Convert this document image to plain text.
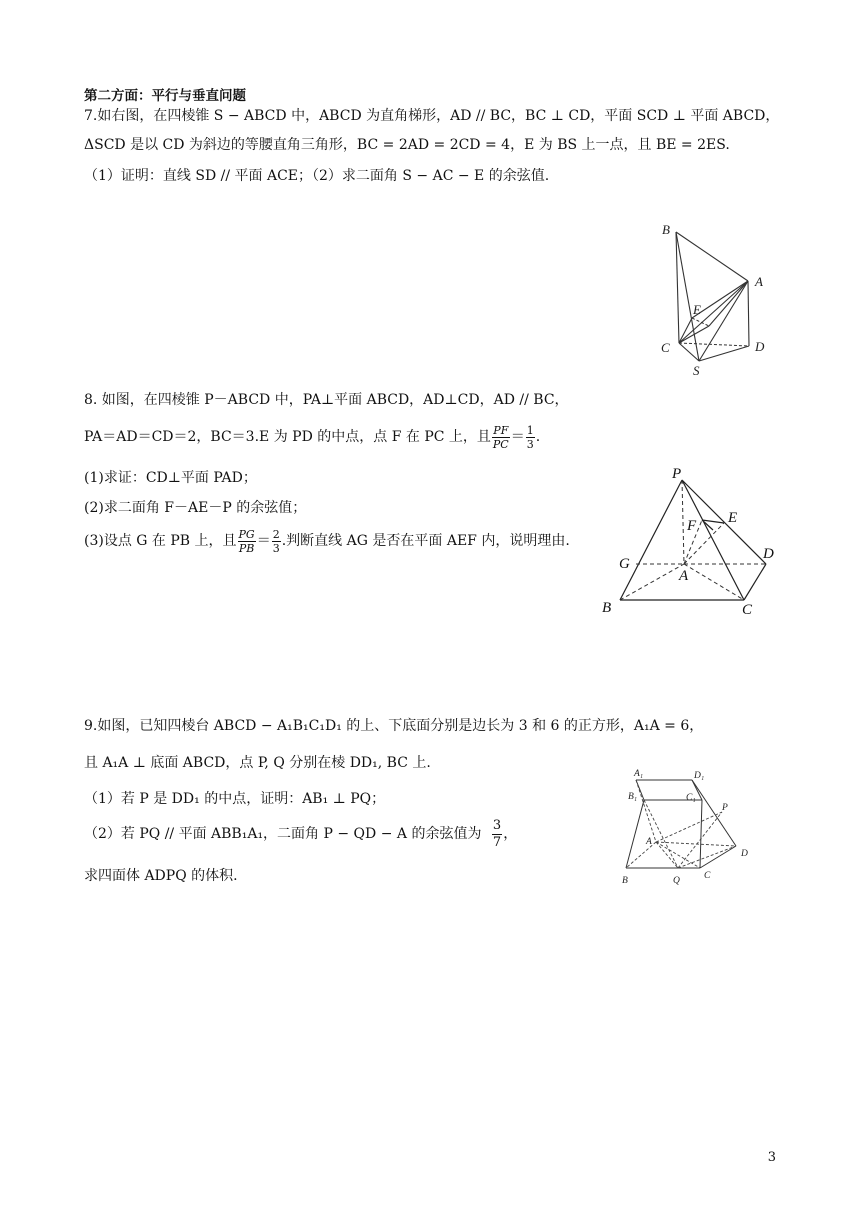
第二方面：平行与垂直问题
7.如右图，在四棱锥 S − ABCD 中，ABCD 为直角梯形，AD // BC，BC ⊥ CD，平面 SCD ⊥ 平面 ABCD，
ΔSCD 是以 CD 为斜边的等腰直角三角形，BC = 2AD = 2CD = 4，E 为 BS 上一点，且 BE = 2ES.
（1）证明：直线 SD // 平面 ACE；（2）求二面角 S − AC − E 的余弦值.
B
A
E
C	D
S
8. 如图，在四棱锥 P－ABCD 中，PA⊥平面 ABCD，AD⊥CD，AD // BC，
PA＝AD＝CD＝2，BC＝3.E 为 PD 的中点，点 F 在 PC 上，且 $\frac{PF}{PC} = \frac{1}{3}$ .
(1)求证：CD⊥平面 PAD；
(2)求二面角 F－AE－P 的余弦值；
(3)设点 G 在 PB 上，且 $\frac{PG}{PB} = \frac{2}{3}$ .判断直线 AG 是否在平面 AEF 内，说明理由.
P
E
F
D
G
A
B	C
9.如图，已知四棱台 ABCD − A₁B₁C₁D₁ 的上、下底面分别是边长为 3 和 6 的正方形，A₁A = 6，
且 A₁A ⊥ 底面 ABCD，点 P, Q 分别在棱 DD₁, BC 上.
（1）若 P 是 DD₁ 的中点，证明：AB₁ ⊥ PQ；
（2）若 PQ // 平面 ABB₁A₁，二面角 P − QD − A 的余弦值为 $\frac{3}{7}$ ，
求四面体 ADPQ 的体积.
A₁	D₁
B₁	C₁
P
A
D
B	Q	C
3
